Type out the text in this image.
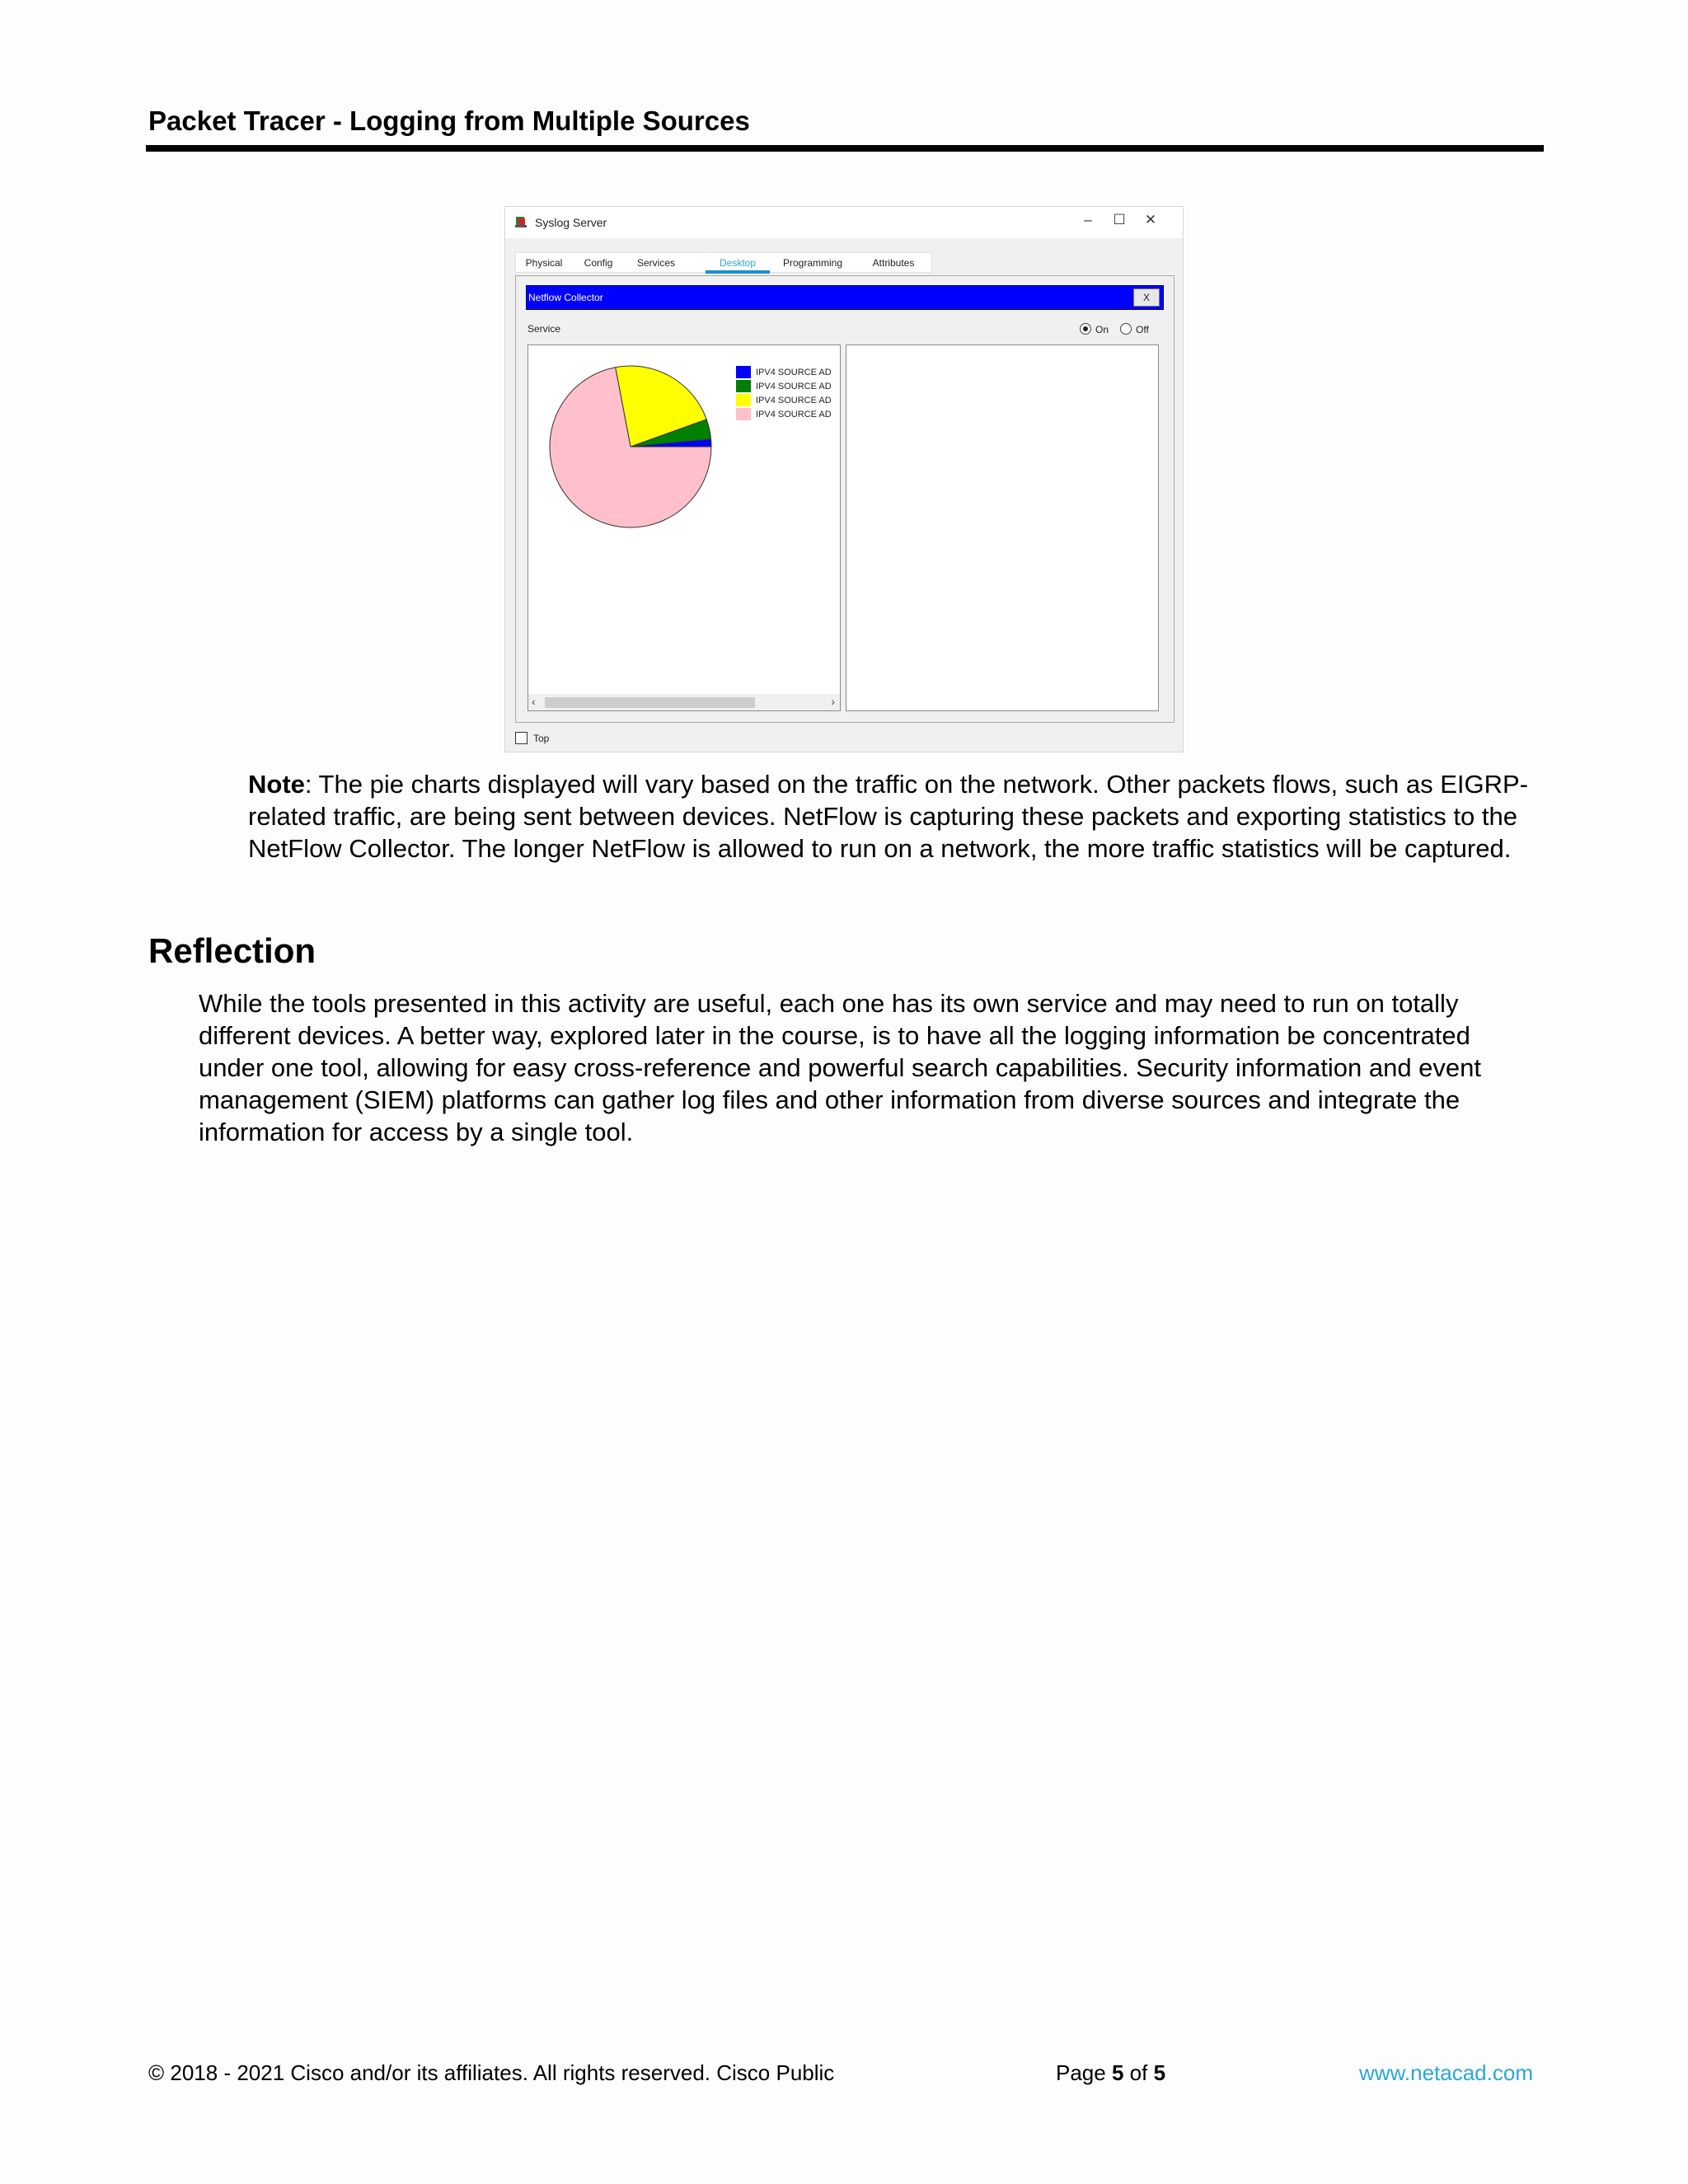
Packet Tracer - Logging from Multiple Sources
Syslog Server	–	☐	✕
Physical	Config	Services	Desktop	Programming	Attributes
Netflow Collector	X
Service	On	Off
IPV4 SOURCE AD
IPV4 SOURCE AD
IPV4 SOURCE AD
IPV4 SOURCE AD
‹	›
Top
Note: The pie charts displayed will vary based on the traffic on the network. Other packets flows, such as EIGRP-related traffic, are being sent between devices. NetFlow is capturing these packets and exporting statistics to the NetFlow Collector. The longer NetFlow is allowed to run on a network, the more traffic statistics will be captured.
Reflection
While the tools presented in this activity are useful, each one has its own service and may need to run on totally different devices. A better way, explored later in the course, is to have all the logging information be concentrated under one tool, allowing for easy cross-reference and powerful search capabilities. Security information and event management (SIEM) platforms can gather log files and other information from diverse sources and integrate the information for access by a single tool.
© 2018 - 2021 Cisco and/or its affiliates. All rights reserved. Cisco Public	Page 5 of 5	www.netacad.com
